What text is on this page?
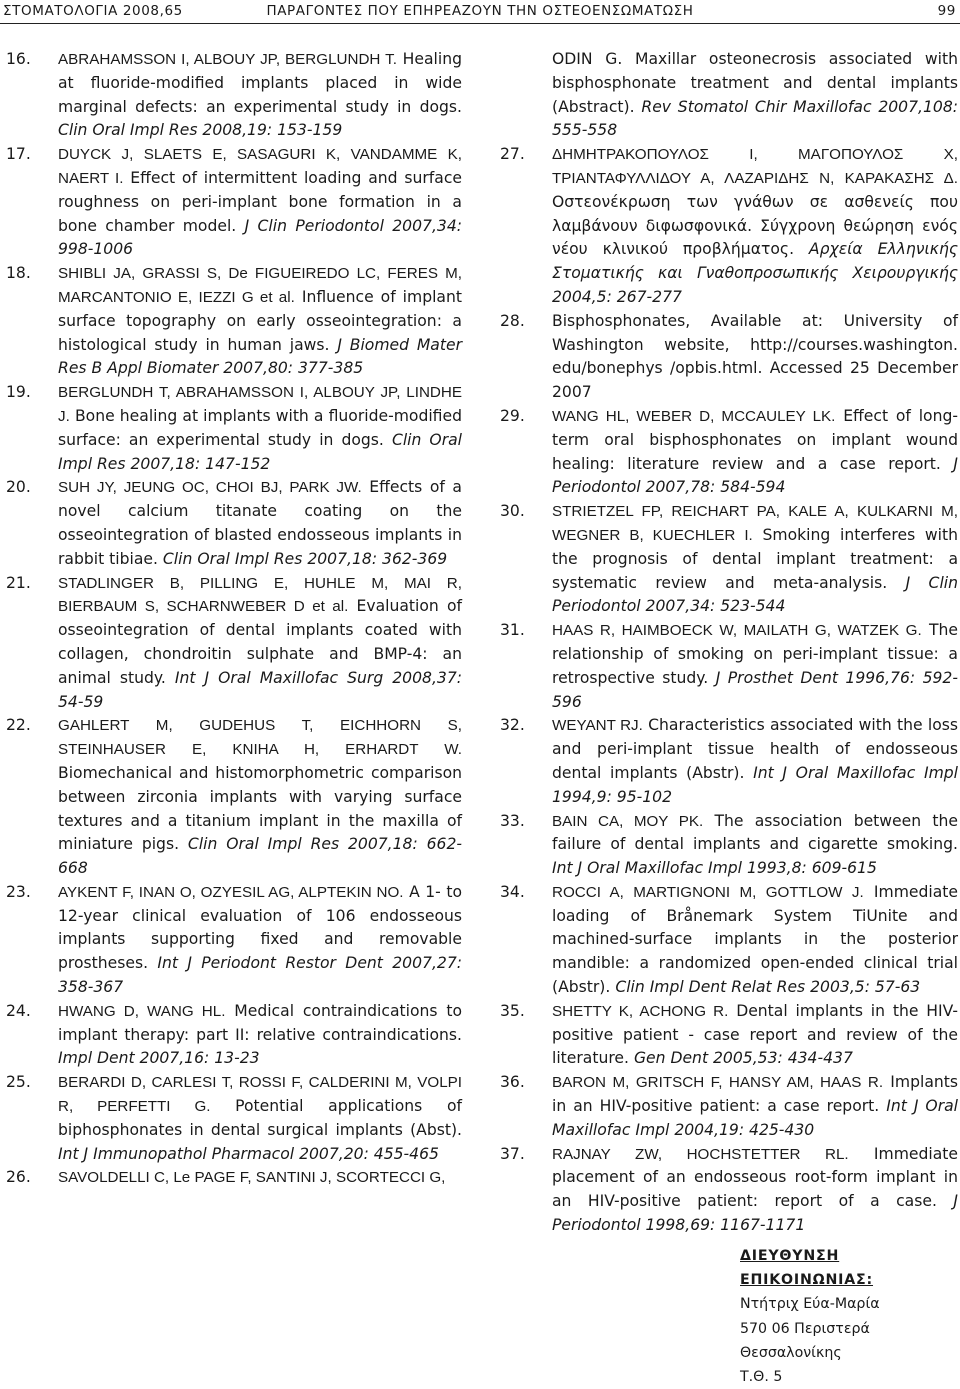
ΣΤΟΜΑΤΟΛΟΓΙΑ 2008,65	ΠΑΡΑΓΟΝΤΕΣ ΠΟΥ ΕΠΗΡΕΑΖΟΥΝ ΤΗΝ ΟΣΤΕΟΕΝΣΩΜΑΤΩΣΗ	99
16. ABRAHAMSSON I, ALBOUY JP, BERGLUNDH T. Healing at fluoride-modified implants placed in wide marginal defects: an experimental study in dogs. Clin Oral Impl Res 2008,19: 153-159
17. DUYCK J, SLAETS E, SASAGURI K, VANDAMME K, NAERT I. Effect of intermittent loading and surface roughness on peri-implant bone formation in a bone chamber model. J Clin Periodontol 2007,34: 998-1006
18. SHIBLI JA, GRASSI S, De FIGUEIREDO LC, FERES M, MARCANTONIO E, IEZZI G et al. Influence of implant surface topography on early osseointegration: a histological study in human jaws. J Biomed Mater Res B Appl Biomater 2007,80: 377-385
19. BERGLUNDH T, ABRAHAMSSON I, ALBOUY JP, LINDHE J. Bone healing at implants with a fluoride-modified surface: an experimental study in dogs. Clin Oral Impl Res 2007,18: 147-152
20. SUH JY, JEUNG OC, CHOI BJ, PARK JW. Effects of a novel calcium titanate coating on the osseointegration of blasted endosseous implants in rabbit tibiae. Clin Oral Impl Res 2007,18: 362-369
21. STADLINGER B, PILLING E, HUHLE M, MAI R, BIERBAUM S, SCHARNWEBER D et al. Evaluation of osseointegration of dental implants coated with collagen, chondroitin sulphate and BMP-4: an animal study. Int J Oral Maxillofac Surg 2008,37: 54-59
22. GAHLERT M, GUDEHUS T, EICHHORN S, STEINHAUSER E, KNIHA H, ERHARDT W. Biomechanical and histomorphometric comparison between zirconia implants with varying surface textures and a titanium implant in the maxilla of miniature pigs. Clin Oral Impl Res 2007,18: 662-668
23. AYKENT F, INAN O, OZYESIL AG, ALPTEKIN NO. A 1- to 12-year clinical evaluation of 106 endosseous implants supporting fixed and removable prostheses. Int J Periodont Restor Dent 2007,27: 358-367
24. HWANG D, WANG HL. Medical contraindications to implant therapy: part II: relative contraindications. Impl Dent 2007,16: 13-23
25. BERARDI D, CARLESI T, ROSSI F, CALDERINI M, VOLPI R, PERFETTI G. Potential applications of biphosphonates in dental surgical implants (Abst). Int J Immunopathol Pharmacol 2007,20: 455-465
26. SAVOLDELLI C, Le PAGE F, SANTINI J, SCORTECCI G,
ODIN G. Maxillar osteonecrosis associated with bisphosphonate treatment and dental implants (Abstract). Rev Stomatol Chir Maxillofac 2007,108: 555-558
27. ΔΗΜΗΤΡΑΚΟΠΟΥΛΟΣ Ι, ΜΑΓΟΠΟΥΛΟΣ Χ, ΤΡΙΑΝΤΑΦΥΛΛΙΔΟΥ Α, ΛΑΖΑΡΙΔΗΣ Ν, ΚΑΡΑΚΑΣΗΣ Δ. Οστεονέκρωση των γνάθων σε ασθενείς που λαμβάνουν διφωσφονικά. Σύγχρονη θεώρηση ενός νέου κλινικού προβλήματος. Αρχεία Ελληνικής Στοματικής και Γναθοπροσωπικής Χειρουργικής 2004,5: 267-277
28. Bisphosphonates, Available at: University of Washington website, http://courses.washington. edu/bonephys /opbis.html. Accessed 25 December 2007
29. WANG HL, WEBER D, MCCAULEY LK. Effect of long-term oral bisphosphonates on implant wound healing: literature review and a case report. J Periodontol 2007,78: 584-594
30. STRIETZEL FP, REICHART PA, KALE A, KULKARNI M, WEGNER B, KUECHLER I. Smoking interferes with the prognosis of dental implant treatment: a systematic review and meta-analysis. J Clin Periodontol 2007,34: 523-544
31. HAAS R, HAIMBOECK W, MAILATH G, WATZEK G. The relationship of smoking on peri-implant tissue: a retrospective study. J Prosthet Dent 1996,76: 592-596
32. WEYANT RJ. Characteristics associated with the loss and peri-implant tissue health of endosseous dental implants (Abstr). Int J Oral Maxillofac Impl 1994,9: 95-102
33. BAIN CA, MOY PK. The association between the failure of dental implants and cigarette smoking. Int J Oral Maxillofac Impl 1993,8: 609-615
34. ROCCI A, MARTIGNONI M, GOTTLOW J. Immediate loading of Brånemark System TiUnite and machined-surface implants in the posterior mandible: a randomized open-ended clinical trial (Abstr). Clin Impl Dent Relat Res 2003,5: 57-63
35. SHETTY K, ACHONG R. Dental implants in the HIV-positive patient - case report and review of the literature. Gen Dent 2005,53: 434-437
36. BARON M, GRITSCH F, HANSY AM, HAAS R. Implants in an HIV-positive patient: a case report. Int J Oral Maxillofac Impl 2004,19: 425-430
37. RAJNAY ZW, HOCHSTETTER RL. Immediate placement of an endosseous root-form implant in an HIV-positive patient: report of a case. J Periodontol 1998,69: 1167-1171
ΔΙΕΥΘΥΝΣΗ ΕΠΙΚΟΙΝΩΝΙΑΣ:
Ντήτριχ Εύα-Μαρία
570 06 Περιστερά
Θεσσαλονίκης
Τ.Θ. 5
